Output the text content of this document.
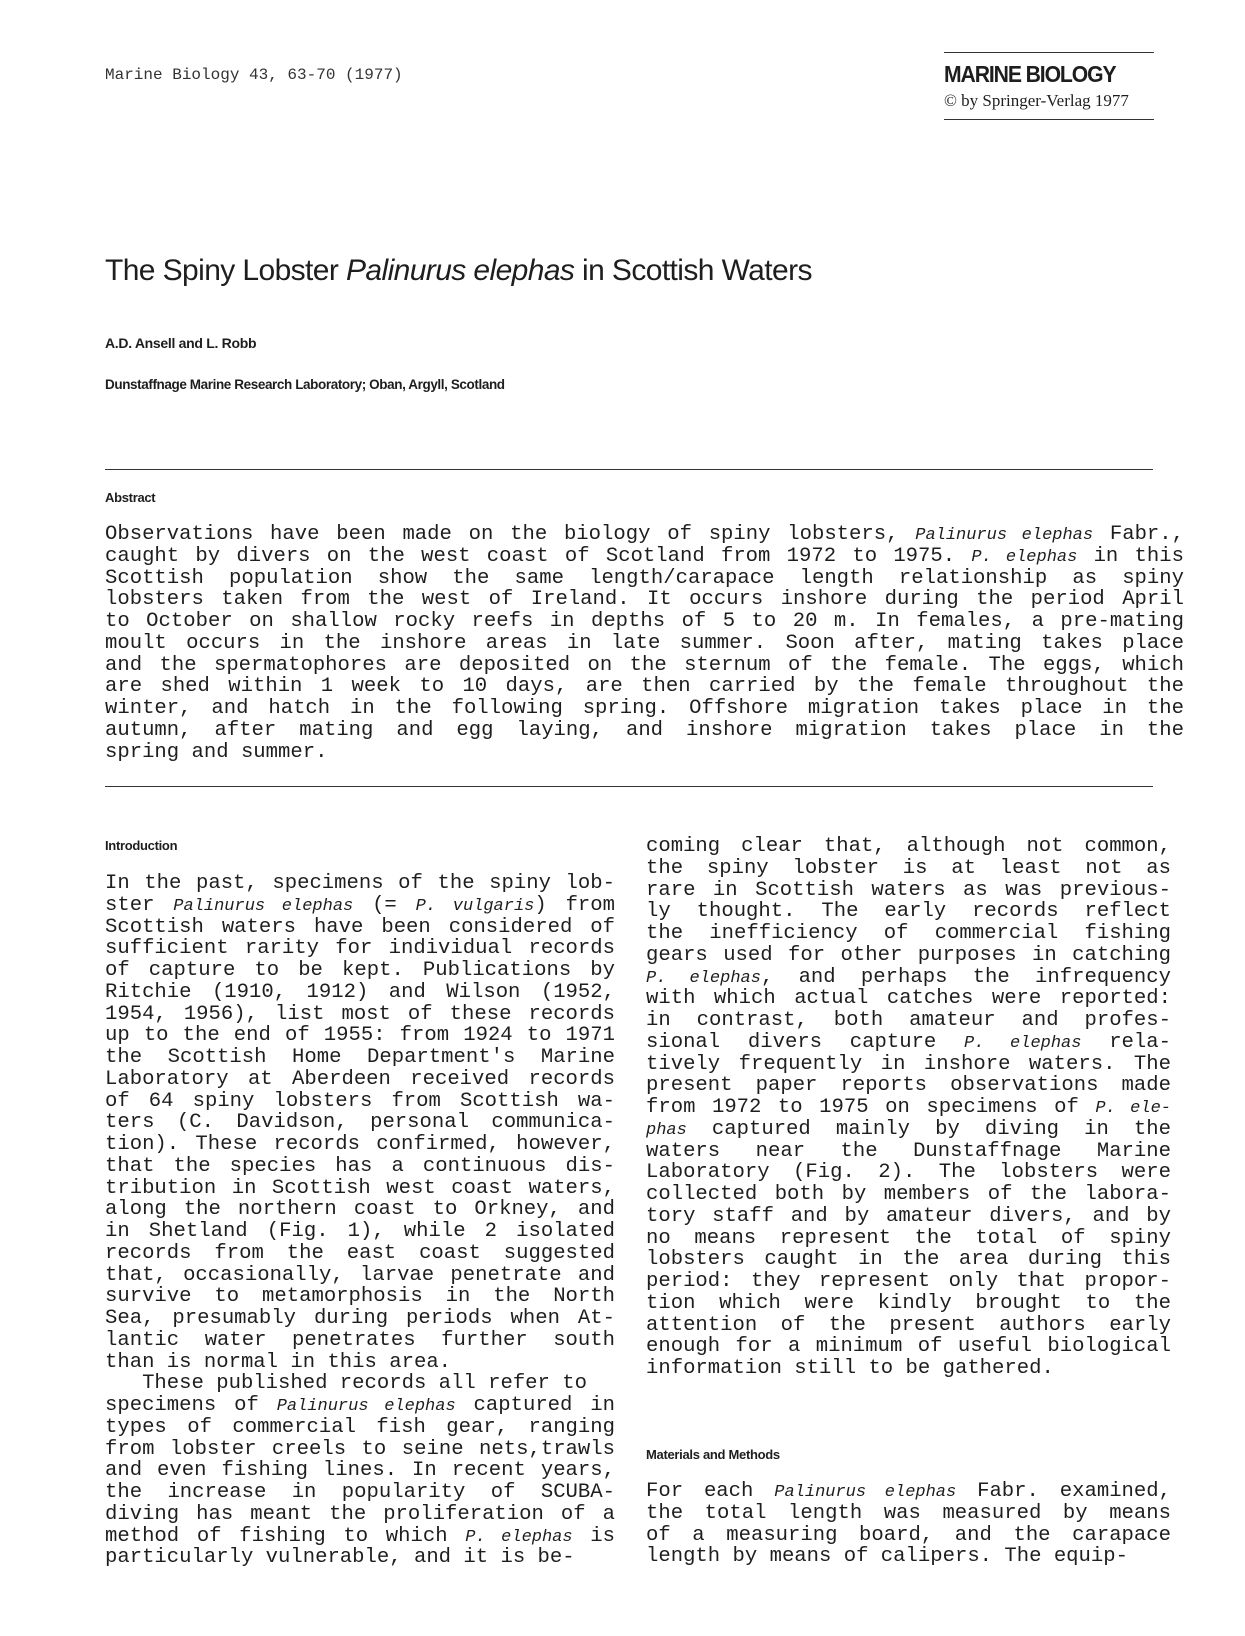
Marine Biology 43, 63-70 (1977)	MARINE BIOLOGY
© by Springer-Verlag 1977
The Spiny Lobster Palinurus elephas in Scottish Waters
A.D. Ansell and L. Robb
Dunstaffnage Marine Research Laboratory; Oban, Argyll, Scotland
Abstract
Observations have been made on the biology of spiny lobsters, Palinurus elephas Fabr.,
caught by divers on the west coast of Scotland from 1972 to 1975. P. elephas in this
Scottish population show the same length/carapace length relationship as spiny
lobsters taken from the west of Ireland. It occurs inshore during the period April
to October on shallow rocky reefs in depths of 5 to 20 m. In females, a pre-mating
moult occurs in the inshore areas in late summer. Soon after, mating takes place
and the spermatophores are deposited on the sternum of the female. The eggs, which
are shed within 1 week to 10 days, are then carried by the female throughout the
winter, and hatch in the following spring. Offshore migration takes place in the
autumn, after mating and egg laying, and inshore migration takes place in the
spring and summer.
Introduction
In the past, specimens of the spiny lob-
ster Palinurus elephas (= P. vulgaris) from
Scottish waters have been considered of
sufficient rarity for individual records
of capture to be kept. Publications by
Ritchie (1910, 1912) and Wilson (1952,
1954, 1956), list most of these records
up to the end of 1955: from 1924 to 1971
the Scottish Home Department's Marine
Laboratory at Aberdeen received records
of 64 spiny lobsters from Scottish wa-
ters (C. Davidson, personal communica-
tion). These records confirmed, however,
that the species has a continuous dis-
tribution in Scottish west coast waters,
along the northern coast to Orkney, and
in Shetland (Fig. 1), while 2 isolated
records from the east coast suggested
that, occasionally, larvae penetrate and
survive to metamorphosis in the North
Sea, presumably during periods when At-
lantic water penetrates further south
than is normal in this area.
These published records all refer to
specimens of Palinurus elephas captured in
types of commercial fish gear, ranging
from lobster creels to seine nets,trawls
and even fishing lines. In recent years,
the increase in popularity of SCUBA-
diving has meant the proliferation of a
method of fishing to which P. elephas is
particularly vulnerable, and it is be-
coming clear that, although not common,
the spiny lobster is at least not as
rare in Scottish waters as was previous-
ly thought. The early records reflect
the inefficiency of commercial fishing
gears used for other purposes in catching
P. elephas, and perhaps the infrequency
with which actual catches were reported:
in contrast, both amateur and profes-
sional divers capture P. elephas rela-
tively frequently in inshore waters. The
present paper reports observations made
from 1972 to 1975 on specimens of P. ele-
phas captured mainly by diving in the
waters near the Dunstaffnage Marine
Laboratory (Fig. 2). The lobsters were
collected both by members of the labora-
tory staff and by amateur divers, and by
no means represent the total of spiny
lobsters caught in the area during this
period: they represent only that propor-
tion which were kindly brought to the
attention of the present authors early
enough for a minimum of useful biological
information still to be gathered.
Materials and Methods
For each Palinurus elephas Fabr. examined,
the total length was measured by means
of a measuring board, and the carapace
length by means of calipers. The equip-
